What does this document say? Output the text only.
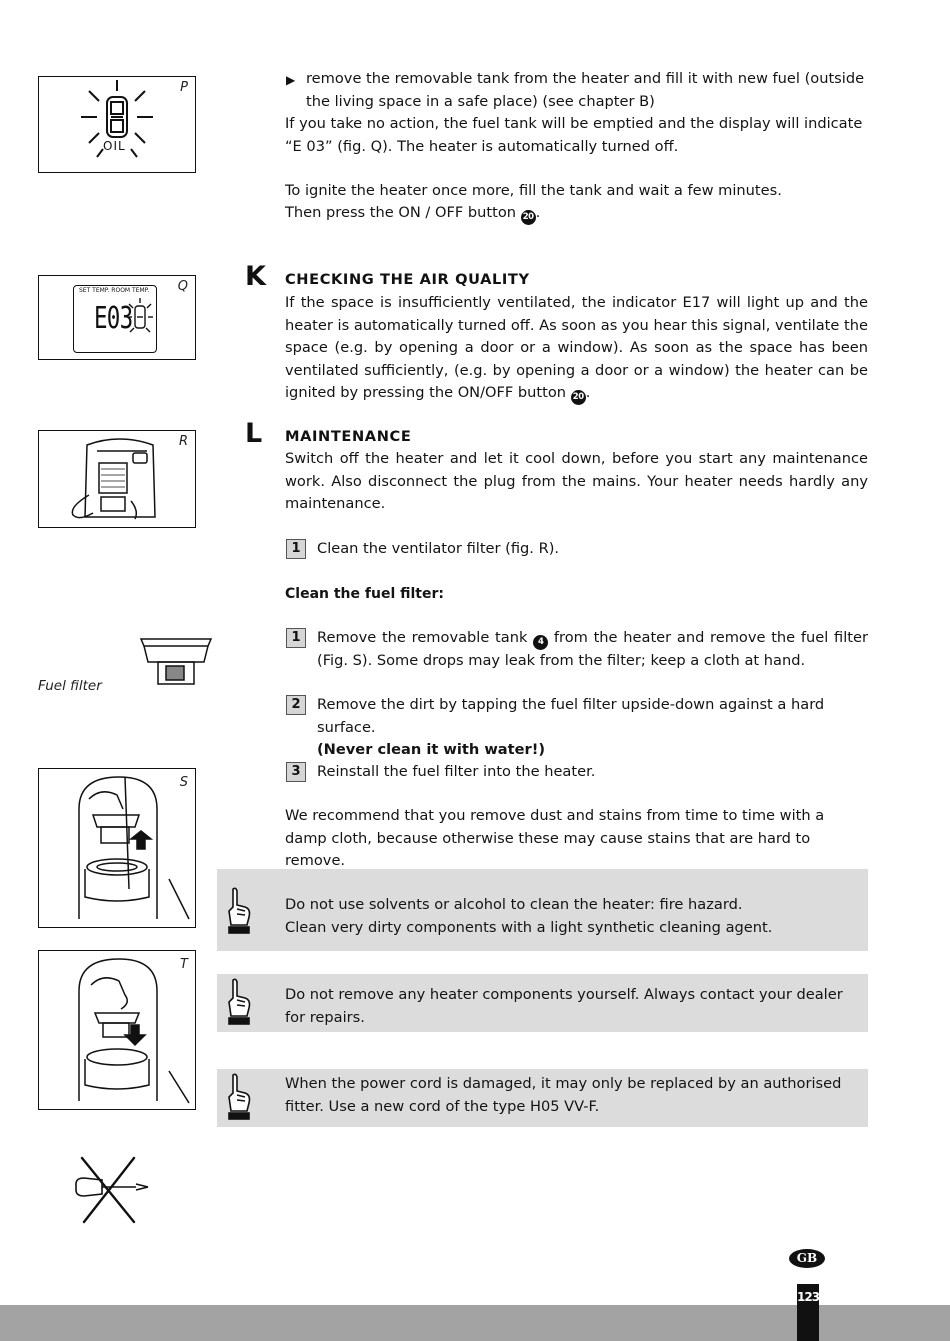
P
OIL
Q
SET TEMP. ROOM TEMP.
E03
R
Fuel filter
S
T
▶ remove the removable tank from the heater and fill it with new fuel (outside the living space in a safe place) (see chapter B)
If you take no action, the fuel tank will be emptied and the display will indicate “E 03” (fig. Q). The heater is automatically turned off.
To ignite the heater once more, fill the tank and wait a few minutes.
Then press the ON / OFF button 20 .
K CHECKING THE AIR QUALITY
If the space is insufficiently ventilated, the indicator E17 will light up and the heater is automatically turned off. As soon as you hear this signal, ventilate the space (e.g. by opening a door or a window). As soon as the space has been ventilated sufficiently, (e.g. by opening a door or a window) the heater can be ignited by pressing the ON/OFF button 20 .
L MAINTENANCE
Switch off the heater and let it cool down, before you start any maintenance work. Also disconnect the plug from the mains. Your heater needs hardly any maintenance.
1	Clean the ventilator filter (fig. R).
Clean the fuel filter:
1	Remove the removable tank 4 from the heater and remove the fuel filter (Fig. S). Some drops may leak from the filter; keep a cloth at hand.
2	Remove the dirt by tapping the fuel filter upside-down against a hard surface.
(Never clean it with water!)
3	Reinstall the fuel filter into the heater.
We recommend that you remove dust and stains from time to time with a damp cloth, because otherwise these may cause stains that are hard to remove.
Do not use solvents or alcohol to clean the heater: fire hazard.
Clean very dirty components with a light synthetic cleaning agent.
Do not remove any heater components yourself. Always contact your dealer for repairs.
When the power cord is damaged, it may only be replaced by an authorised fitter. Use a new cord of the type H05 VV-F.
GB
123
